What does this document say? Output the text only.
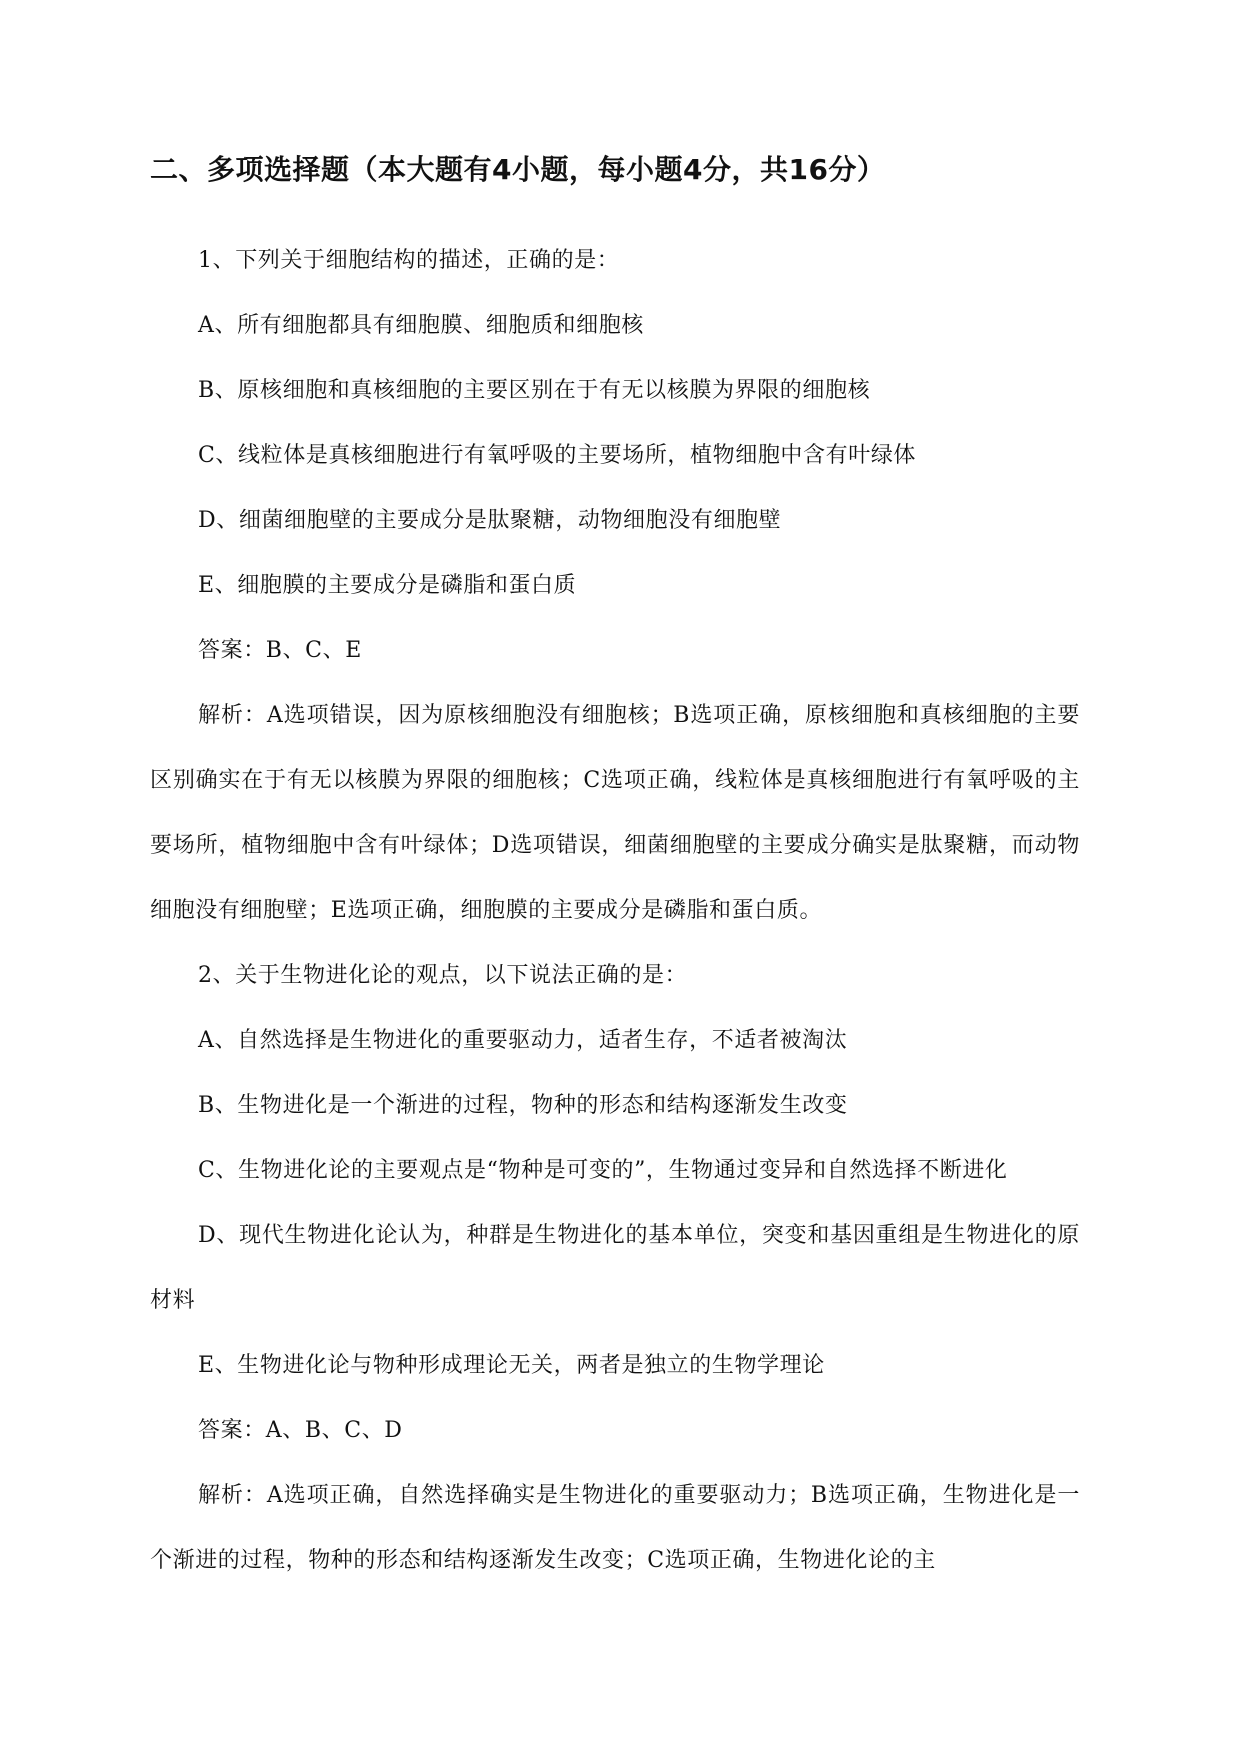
二、多项选择题（本大题有4小题，每小题4分，共16分）

1、下列关于细胞结构的描述，正确的是：

A、所有细胞都具有细胞膜、细胞质和细胞核

B、原核细胞和真核细胞的主要区别在于有无以核膜为界限的细胞核

C、线粒体是真核细胞进行有氧呼吸的主要场所，植物细胞中含有叶绿体

D、细菌细胞壁的主要成分是肽聚糖，动物细胞没有细胞壁

E、细胞膜的主要成分是磷脂和蛋白质

答案：B、C、E

解析：A选项错误，因为原核细胞没有细胞核；B选项正确，原核细胞和真核细胞的主要区别确实在于有无以核膜为界限的细胞核；C选项正确，线粒体是真核细胞进行有氧呼吸的主要场所，植物细胞中含有叶绿体；D选项错误，细菌细胞壁的主要成分确实是肽聚糖，而动物细胞没有细胞壁；E选项正确，细胞膜的主要成分是磷脂和蛋白质。

2、关于生物进化论的观点，以下说法正确的是：

A、自然选择是生物进化的重要驱动力，适者生存，不适者被淘汰

B、生物进化是一个渐进的过程，物种的形态和结构逐渐发生改变

C、生物进化论的主要观点是“物种是可变的”，生物通过变异和自然选择不断进化

D、现代生物进化论认为，种群是生物进化的基本单位，突变和基因重组是生物进化的原材料

E、生物进化论与物种形成理论无关，两者是独立的生物学理论

答案：A、B、C、D

解析：A选项正确，自然选择确实是生物进化的重要驱动力；B选项正确，生物进化是一个渐进的过程，物种的形态和结构逐渐发生改变；C选项正确，生物进化论的主
